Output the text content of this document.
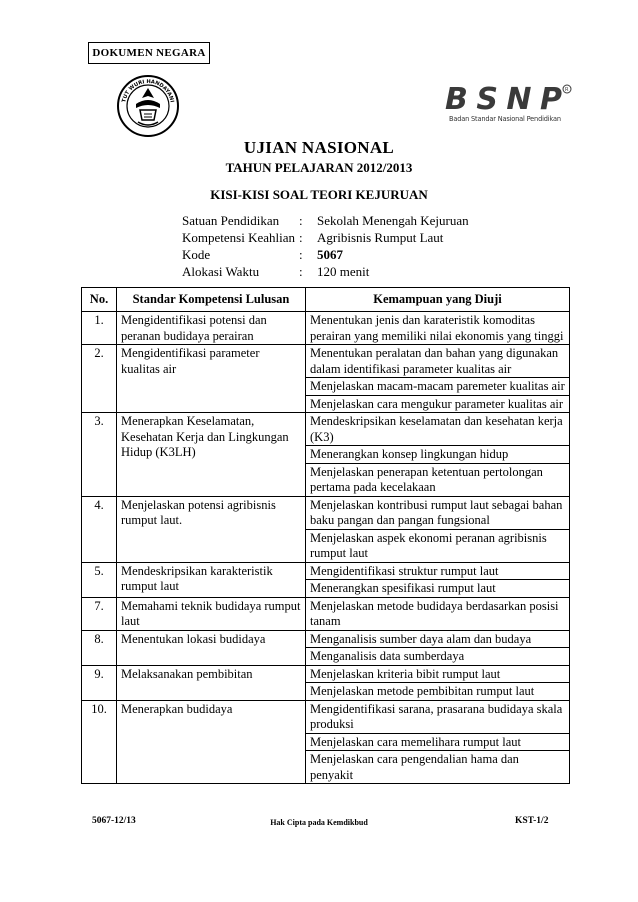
DOKUMEN NEGARA
TUT WURI HANDAYANI	BSNP R
Badan Standar Nasional Pendidikan
UJIAN NASIONAL
TAHUN PELAJARAN 2012/2013
KISI-KISI SOAL TEORI KEJURUAN
Satuan Pendidikan	:	Sekolah Menengah Kejuruan
Kompetensi Keahlian	:	Agribisnis Rumput Laut
Kode	:	5067
Alokasi Waktu	:	120 menit
No.	Standar Kompetensi Lulusan	Kemampuan yang Diuji
1.	Mengidentifikasi potensi dan peranan budidaya perairan	Menentukan jenis dan karateristik komoditas perairan yang memiliki nilai ekonomis yang tinggi
2.	Mengidentifikasi parameter kualitas air	Menentukan peralatan dan bahan yang digunakan dalam identifikasi parameter kualitas air
		Menjelaskan macam-macam paremeter kualitas air
		Menjelaskan cara mengukur parameter kualitas air
3.	Menerapkan Keselamatan, Kesehatan Kerja dan Lingkungan Hidup (K3LH)	Mendeskripsikan keselamatan dan kesehatan kerja (K3)
		Menerangkan konsep lingkungan hidup
		Menjelaskan penerapan ketentuan pertolongan pertama pada kecelakaan
4.	Menjelaskan potensi agribisnis rumput laut.	Menjelaskan kontribusi rumput laut sebagai bahan baku pangan dan pangan fungsional
		Menjelaskan aspek ekonomi peranan agribisnis rumput laut
5.	Mendeskripsikan karakteristik rumput laut	Mengidentifikasi struktur rumput laut
		Menerangkan spesifikasi rumput laut
7.	Memahami teknik budidaya rumput laut	Menjelaskan metode budidaya berdasarkan posisi tanam
8.	Menentukan lokasi budidaya	Menganalisis sumber daya alam dan budaya
		Menganalisis data sumberdaya
9.	Melaksanakan pembibitan	Menjelaskan kriteria bibit rumput laut
		Menjelaskan metode pembibitan rumput laut
10.	Menerapkan budidaya	Mengidentifikasi sarana, prasarana budidaya skala produksi
		Menjelaskan cara memelihara rumput laut
		Menjelaskan cara pengendalian hama dan penyakit
5067-12/13	Hak Cipta pada Kemdikbud	KST-1/2
